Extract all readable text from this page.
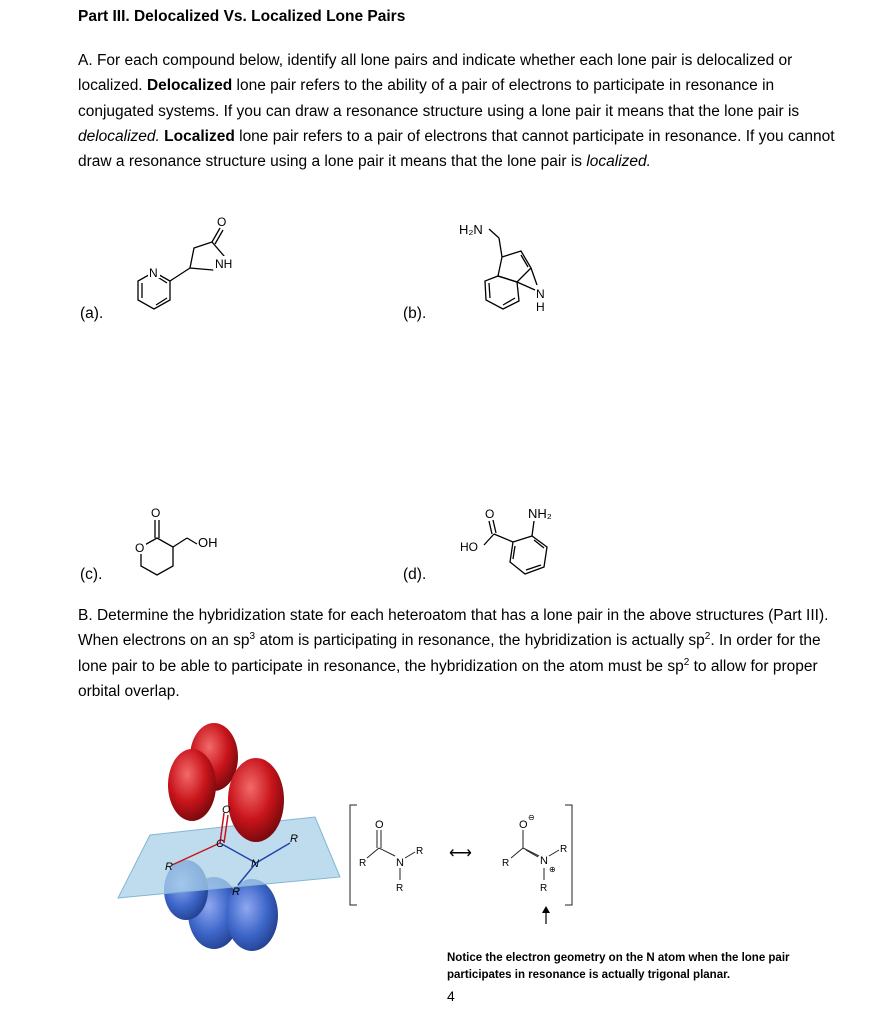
Part III. Delocalized Vs. Localized Lone Pairs
A. For each compound below, identify all lone pairs and indicate whether each lone pair is delocalized or localized. Delocalized lone pair refers to the ability of a pair of electrons to participate in resonance in conjugated systems. If you can draw a resonance structure using a lone pair it means that the lone pair is delocalized. Localized lone pair refers to a pair of electrons that cannot participate in resonance. If you cannot draw a resonance structure using a lone pair it means that the lone pair is localized.
(a).	(b).
(c).	(d).
N
NH
O	H₂N
N
H
O
O	OH
O
HO
NH₂
B. Determine the hybridization state for each heteroatom that has a lone pair in the above structures (Part III). When electrons on an $sp^3$ atom is participating in resonance, the hybridization is actually $sp^2$. In order for the lone pair to be able to participate in resonance, the hybridization on the atom must be $sp^2$ to allow for proper orbital overlap.
O
C
N
R
R
R
O
R	N
R
R
⟷
O
⊖
R	N
⊕
R
R
Notice the electron geometry on the N atom when the lone pair participates in resonance is actually trigonal planar.
4
